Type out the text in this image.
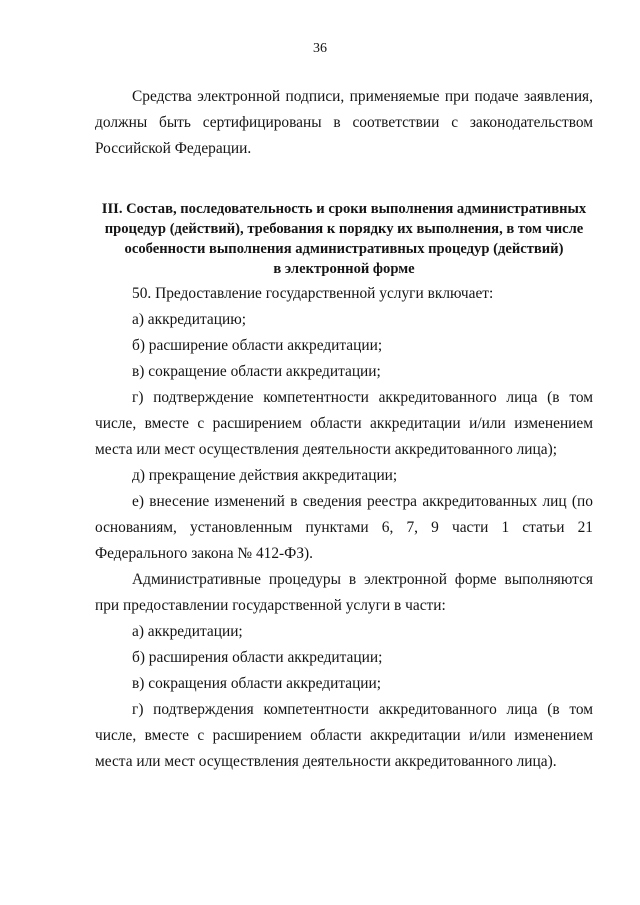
36

Средства электронной подписи, применяемые при подаче заявления, должны быть сертифицированы в соответствии с законодательством Российской Федерации.

III. Состав, последовательность и сроки выполнения административных
процедур (действий), требования к порядку их выполнения, в том числе
особенности выполнения административных процедур (действий)
в электронной форме

50. Предоставление государственной услуги включает:

а) аккредитацию;

б) расширение области аккредитации;

в) сокращение области аккредитации;

г) подтверждение компетентности аккредитованного лица (в том числе, вместе с расширением области аккредитации и/или изменением места или мест осуществления деятельности аккредитованного лица);

д) прекращение действия аккредитации;

е) внесение изменений в сведения реестра аккредитованных лиц (по основаниям, установленным пунктами 6, 7, 9 части 1 статьи 21 Федерального закона № 412-ФЗ).

Административные процедуры в электронной форме выполняются при предоставлении государственной услуги в части:

а) аккредитации;

б) расширения области аккредитации;

в) сокращения области аккредитации;

г) подтверждения компетентности аккредитованного лица (в том числе, вместе с расширением области аккредитации и/или изменением места или мест осуществления деятельности аккредитованного лица).
